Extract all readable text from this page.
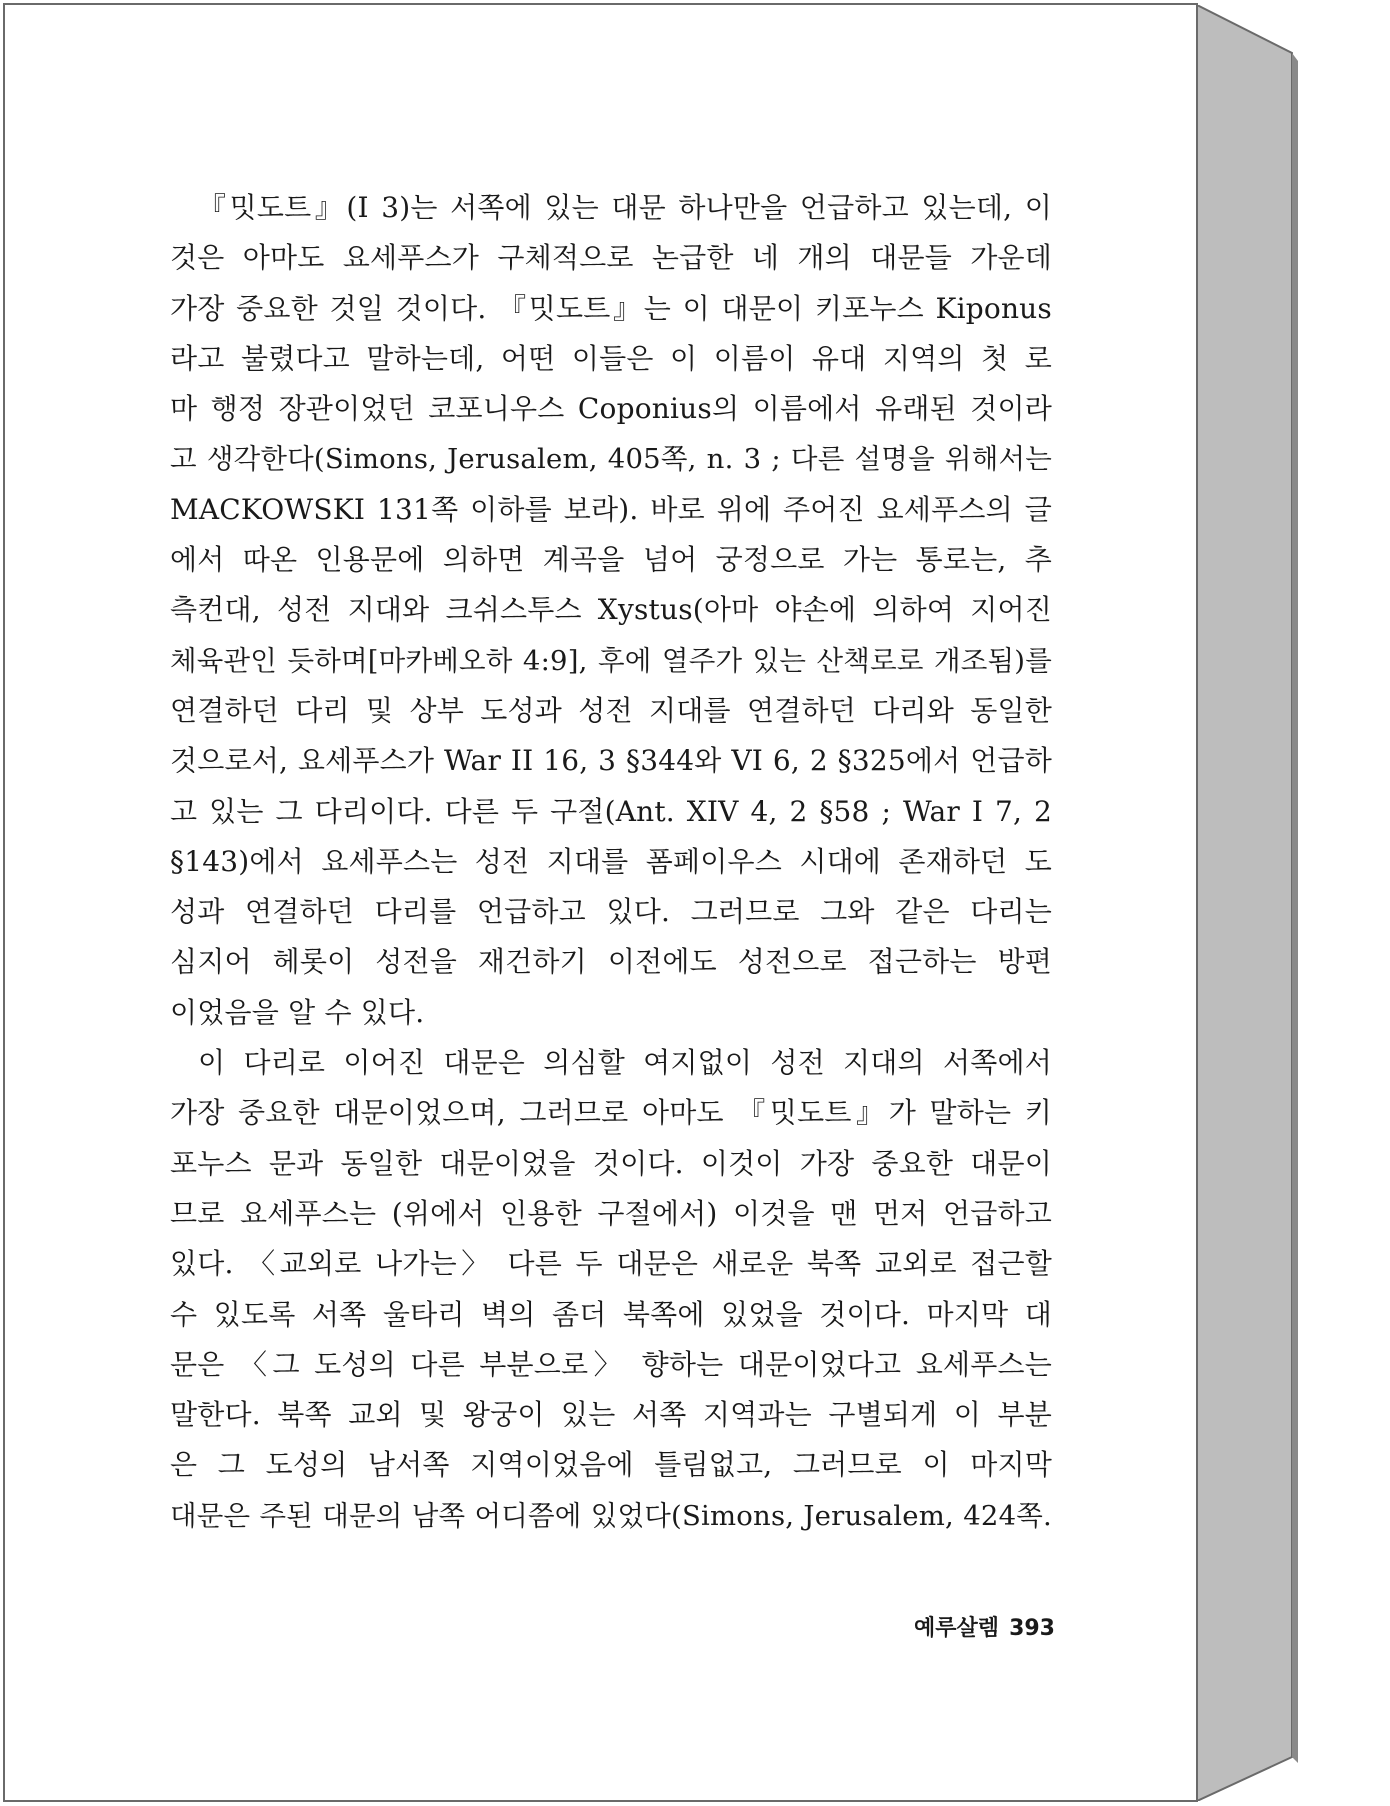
『밋도트』(I 3)는 서쪽에 있는 대문 하나만을 언급하고 있는데, 이
것은 아마도 요세푸스가 구체적으로 논급한 네 개의 대문들 가운데
가장 중요한 것일 것이다. 『밋도트』는 이 대문이 키포누스 Kiponus
라고 불렸다고 말하는데, 어떤 이들은 이 이름이 유대 지역의 첫 로
마 행정 장관이었던 코포니우스 Coponius의 이름에서 유래된 것이라
고 생각한다(Simons, Jerusalem, 405쪽, n. 3 ; 다른 설명을 위해서는
MACKOWSKI 131쪽 이하를 보라). 바로 위에 주어진 요세푸스의 글
에서 따온 인용문에 의하면 계곡을 넘어 궁정으로 가는 통로는, 추
측컨대, 성전 지대와 크쉬스투스 Xystus(아마 야손에 의하여 지어진
체육관인 듯하며[마카베오하 4:9], 후에 열주가 있는 산책로로 개조됨)를
연결하던 다리 및 상부 도성과 성전 지대를 연결하던 다리와 동일한
것으로서, 요세푸스가 War II 16, 3 §344와 VI 6, 2 §325에서 언급하
고 있는 그 다리이다. 다른 두 구절(Ant. XIV 4, 2 §58 ; War I 7, 2
§143)에서 요세푸스는 성전 지대를 폼페이우스 시대에 존재하던 도
성과 연결하던 다리를 언급하고 있다. 그러므로 그와 같은 다리는
심지어 헤롯이 성전을 재건하기 이전에도 성전으로 접근하는 방편
이었음을 알 수 있다.
이 다리로 이어진 대문은 의심할 여지없이 성전 지대의 서쪽에서
가장 중요한 대문이었으며, 그러므로 아마도 『밋도트』가 말하는 키
포누스 문과 동일한 대문이었을 것이다. 이것이 가장 중요한 대문이
므로 요세푸스는 (위에서 인용한 구절에서) 이것을 맨 먼저 언급하고
있다. 〈교외로 나가는〉 다른 두 대문은 새로운 북쪽 교외로 접근할
수 있도록 서쪽 울타리 벽의 좀더 북쪽에 있었을 것이다. 마지막 대
문은 〈그 도성의 다른 부분으로〉 향하는 대문이었다고 요세푸스는
말한다. 북쪽 교외 및 왕궁이 있는 서쪽 지역과는 구별되게 이 부분
은 그 도성의 남서쪽 지역이었음에 틀림없고, 그러므로 이 마지막
대문은 주된 대문의 남쪽 어디쯤에 있었다(Simons, Jerusalem, 424쪽.
예루살렘 393
